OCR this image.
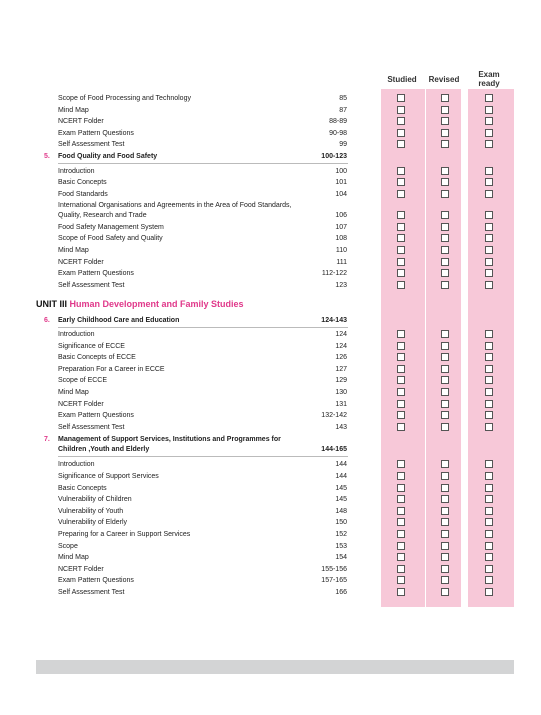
Studied	Revised
Exam
ready
Scope of Food Processing and Technology	85
Mind Map	87
NCERT Folder	88-89
Exam Pattern Questions	90-98
Self Assessment Test	99
5. Food Quality and Food Safety	100-123
Introduction	100
Basic Concepts	101
Food Standards	104
International Organisations and Agreements in the Area of Food Standards,
Quality, Research and Trade	106
Food Safety Management System	107
Scope of Food Safety and Quality	108
Mind Map	110
NCERT Folder	111
Exam Pattern Questions	112-122
Self Assessment Test	123
6. Early Childhood Care and Education	124-143
Introduction	124
Significance of ECCE	124
Basic Concepts of ECCE	126
Preparation For a Career in ECCE	127
Scope of ECCE	129
Mind Map	130
NCERT Folder	131
Exam Pattern Questions	132-142
Self Assessment Test	143
7. Management of Support Services, Institutions and Programmes for
Children ,Youth and Elderly	144-165
Introduction	144
Significance of Support Services	144
Basic Concepts	145
Vulnerability of Children	145
Vulnerability of Youth	148
Vulnerability of Elderly	150
Preparing for a Career in Support Services	152
Scope	153
Mind Map	154
NCERT Folder	155-156
Exam Pattern Questions	157-165
Self Assessment Test	166
UNIT III Human Development and Family Studies
